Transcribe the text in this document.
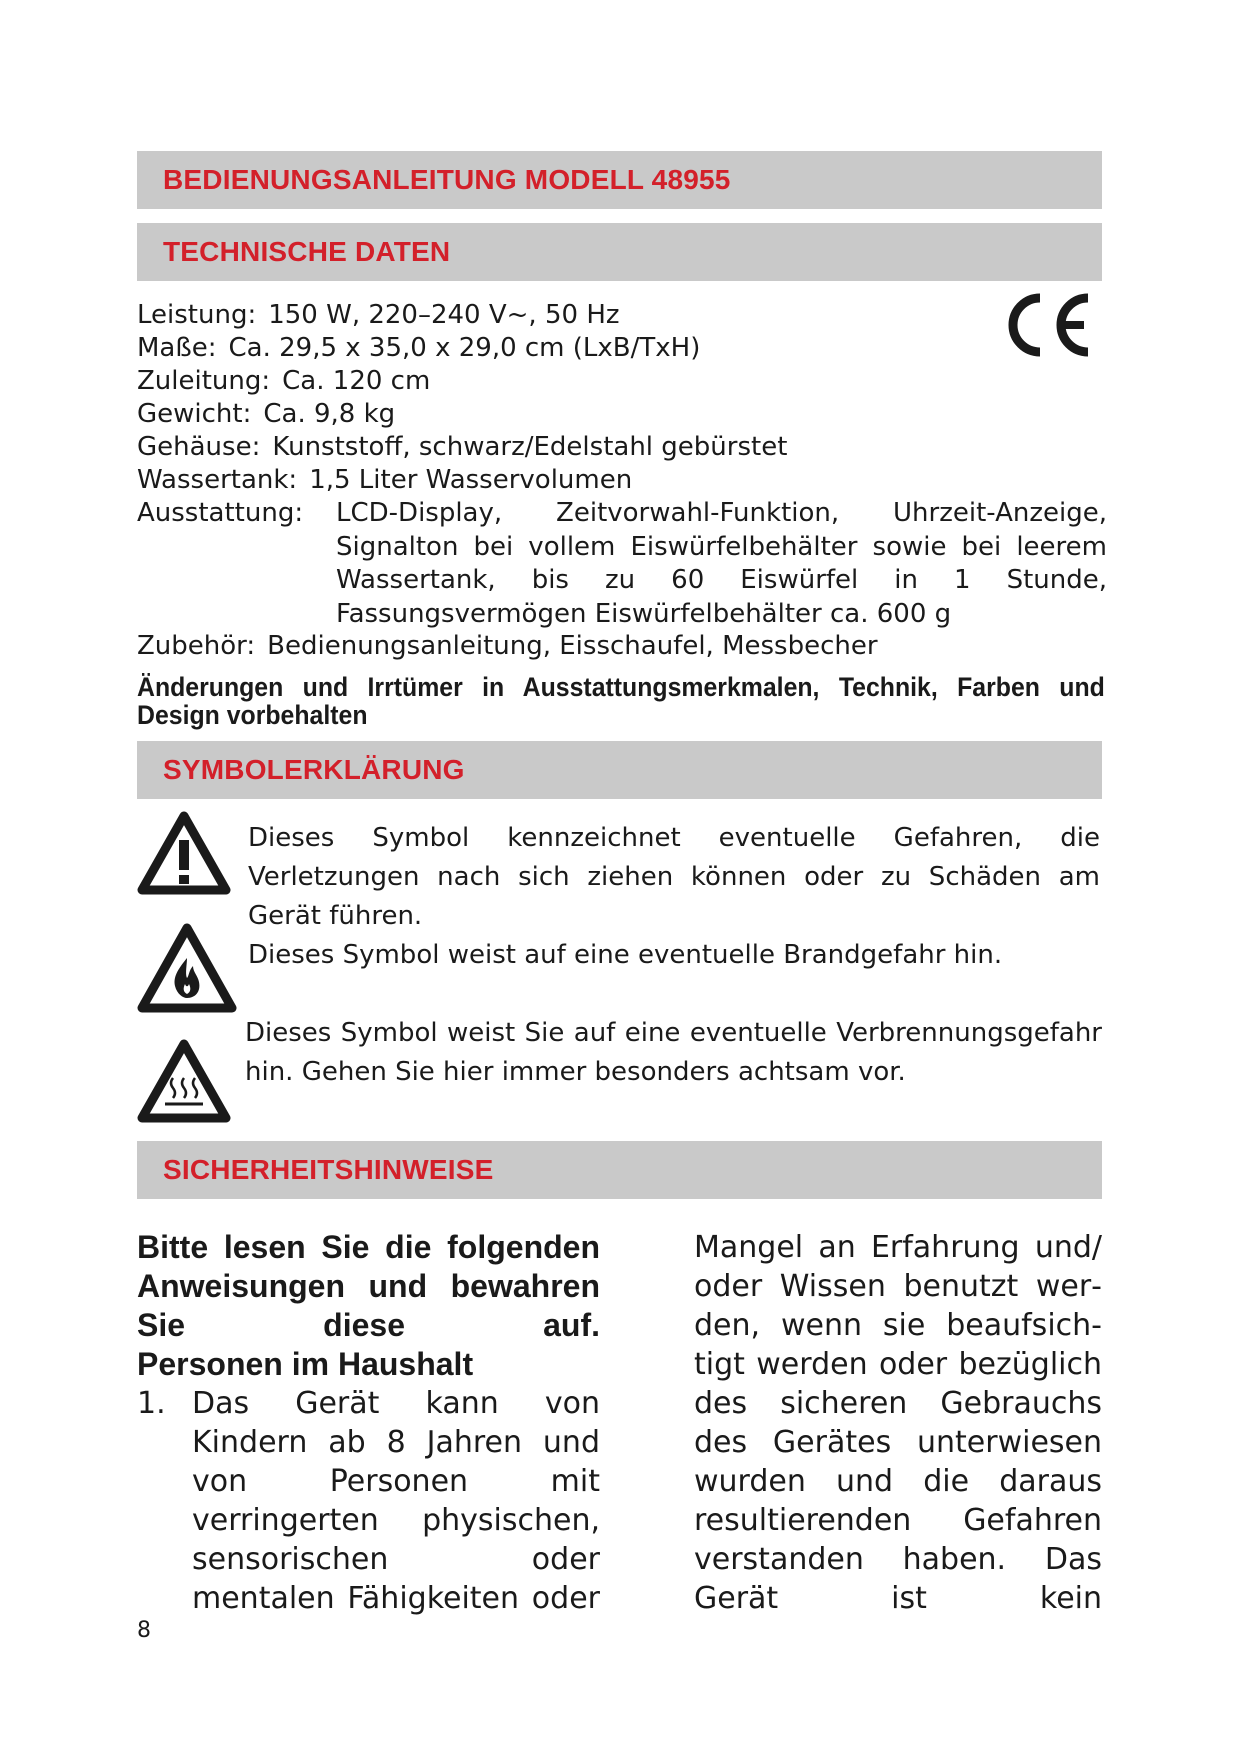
BEDIENUNGSANLEITUNG MODELL 48955
TECHNISCHE DATEN
Leistung: 150 W, 220–240 V~, 50 Hz
Maße: Ca. 29,5 x 35,0 x 29,0 cm (LxB/TxH)
Zuleitung: Ca. 120 cm
Gewicht: Ca. 9,8 kg
Gehäuse: Kunststoff, schwarz/Edelstahl gebürstet
Wassertank: 1,5 Liter Wasservolumen
Ausstattung: LCD-Display, Zeitvorwahl-Funktion, Uhrzeit-Anzeige, Signalton bei vollem Eiswürfelbehälter sowie bei leerem Wassertank, bis zu 60 Eiswürfel in 1 Stunde, Fassungsvermögen Eiswürfelbehälter ca. 600 g
Zubehör: Bedienungsanleitung, Eisschaufel, Messbecher
Änderungen und Irrtümer in Ausstattungsmerkmalen, Technik, Farben und Design vorbehalten
SYMBOLERKLÄRUNG
Dieses Symbol kennzeichnet eventuelle Gefahren, die Verletzungen nach sich ziehen können oder zu Schäden am Gerät führen.
Dieses Symbol weist auf eine eventuelle Brandgefahr hin.
Dieses Symbol weist Sie auf eine eventuelle Verbrennungsgefahr hin. Gehen Sie hier immer besonders achtsam vor.
SICHERHEITSHINWEISE
Bitte lesen Sie die folgenden Anweisungen und bewahren Sie diese auf.
Personen im Haushalt
1. Das Gerät kann von Kindern ab 8 Jahren und von Personen mit verringerten physischen, sensorischen oder mentalen Fähigkeiten oder
Mangel an Erfahrung und/ oder Wissen benutzt werden, wenn sie beaufsichtigt werden oder bezüglich des sicheren Gebrauchs des Gerätes unterwiesen wurden und die daraus resultierenden Gefahren verstanden haben. Das Gerät ist kein
8
